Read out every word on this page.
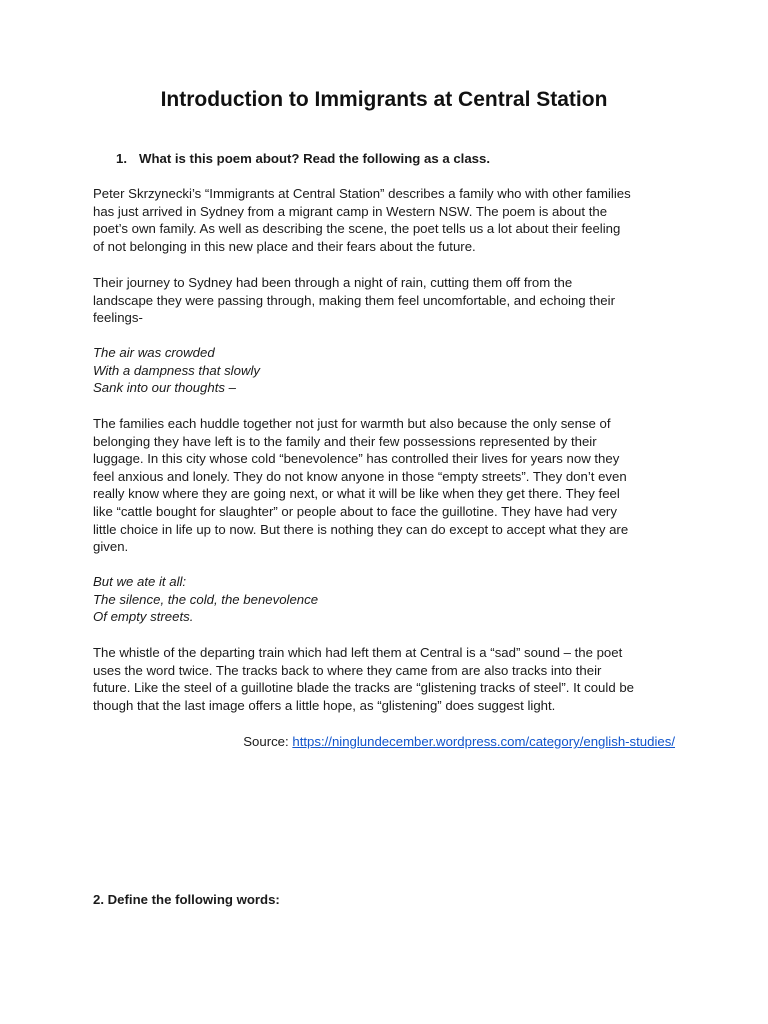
Introduction to Immigrants at Central Station

1. What is this poem about? Read the following as a class.

Peter Skrzynecki’s “Immigrants at Central Station” describes a family who with other families
has just arrived in Sydney from a migrant camp in Western NSW. The poem is about the
poet’s own family. As well as describing the scene, the poet tells us a lot about their feeling
of not belonging in this new place and their fears about the future.

Their journey to Sydney had been through a night of rain, cutting them off from the
landscape they were passing through, making them feel uncomfortable, and echoing their
feelings-

The air was crowded
With a dampness that slowly
Sank into our thoughts –

The families each huddle together not just for warmth but also because the only sense of
belonging they have left is to the family and their few possessions represented by their
luggage. In this city whose cold “benevolence” has controlled their lives for years now they
feel anxious and lonely. They do not know anyone in those “empty streets”. They don’t even
really know where they are going next, or what it will be like when they get there. They feel
like “cattle bought for slaughter” or people about to face the guillotine. They have had very
little choice in life up to now. But there is nothing they can do except to accept what they are
given.

But we ate it all:
The silence, the cold, the benevolence
Of empty streets.

The whistle of the departing train which had left them at Central is a “sad” sound – the poet
uses the word twice. The tracks back to where they came from are also tracks into their
future. Like the steel of a guillotine blade the tracks are “glistening tracks of steel”. It could be
though that the last image offers a little hope, as “glistening” does suggest light.

Source: https://ninglundecember.wordpress.com/category/english-studies/

2. Define the following words:
